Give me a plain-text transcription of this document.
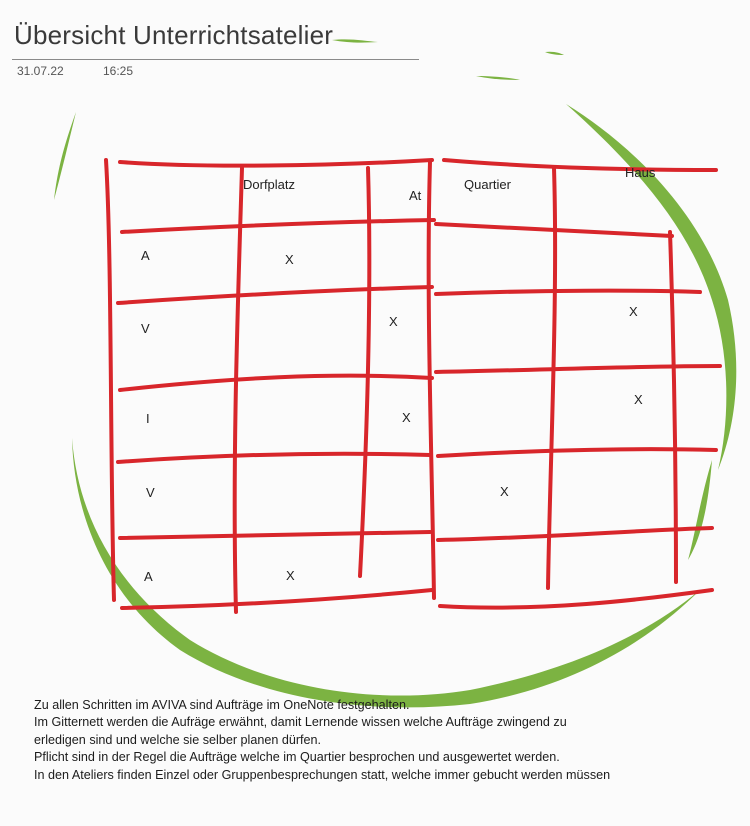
Übersicht Unterrichtsatelier
31.07.22	16:25
Dorfplatz
At
Quartier
Haus
A
V
I
V
A
X
X
X
X
X
X
X

Zu allen Schritten im AVIVA sind Aufträge im OneNote festgehalten.

Im Gitternett werden die Aufräge erwähnt, damit Lernende wissen welche Aufträge zwingend zu

erledigen sind und welche sie selber planen dürfen.

Pflicht sind in der Regel die Aufträge welche im Quartier besprochen und ausgewertet werden.

In den Ateliers finden Einzel oder Gruppenbesprechungen statt, welche immer gebucht werden müssen
